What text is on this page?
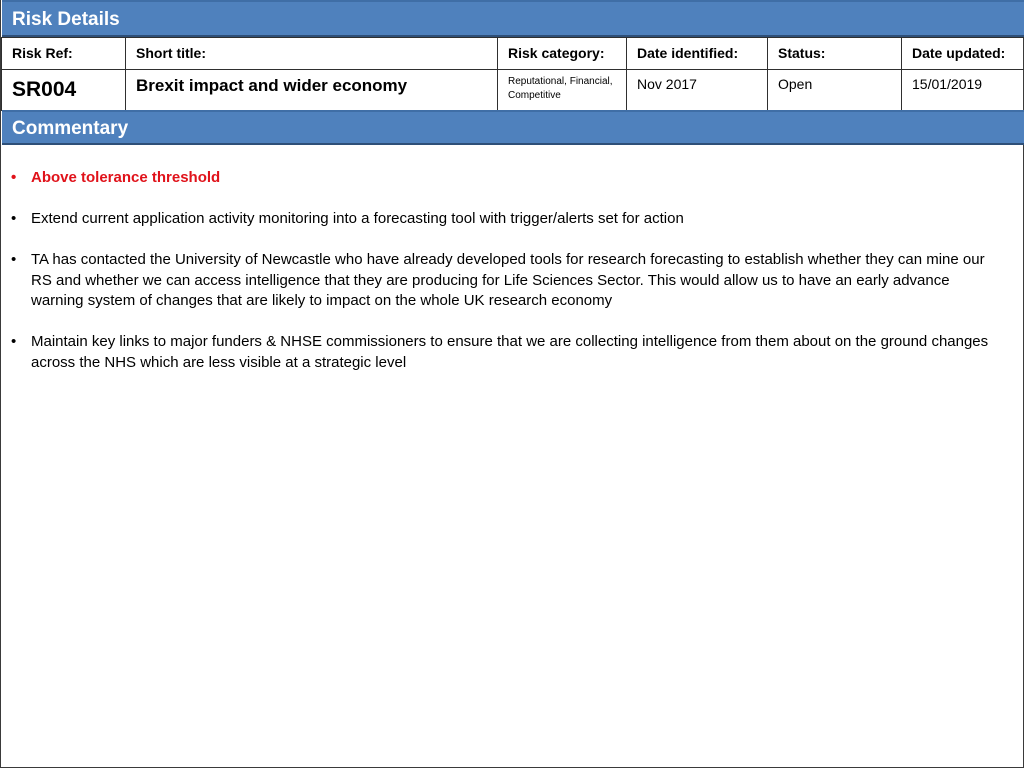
Risk Details
Risk Ref:	Short title:	Risk category:	Date identified:	Status:	Date updated:
SR004	Brexit impact and wider economy	Reputational, Financial, Competitive	Nov 2017	Open	15/01/2019
Commentary
• Above tolerance threshold
• Extend current application activity monitoring into a forecasting tool with trigger/alerts set for action
• TA has contacted the University of Newcastle who have already developed tools for research forecasting to establish whether they can mine our RS and whether we can access intelligence that they are producing for Life Sciences Sector. This would allow us to have an early advance warning system of changes that are likely to impact on the whole UK research economy
• Maintain key links to major funders & NHSE commissioners to ensure that we are collecting intelligence from them about on the ground changes across the NHS which are less visible at a strategic level
